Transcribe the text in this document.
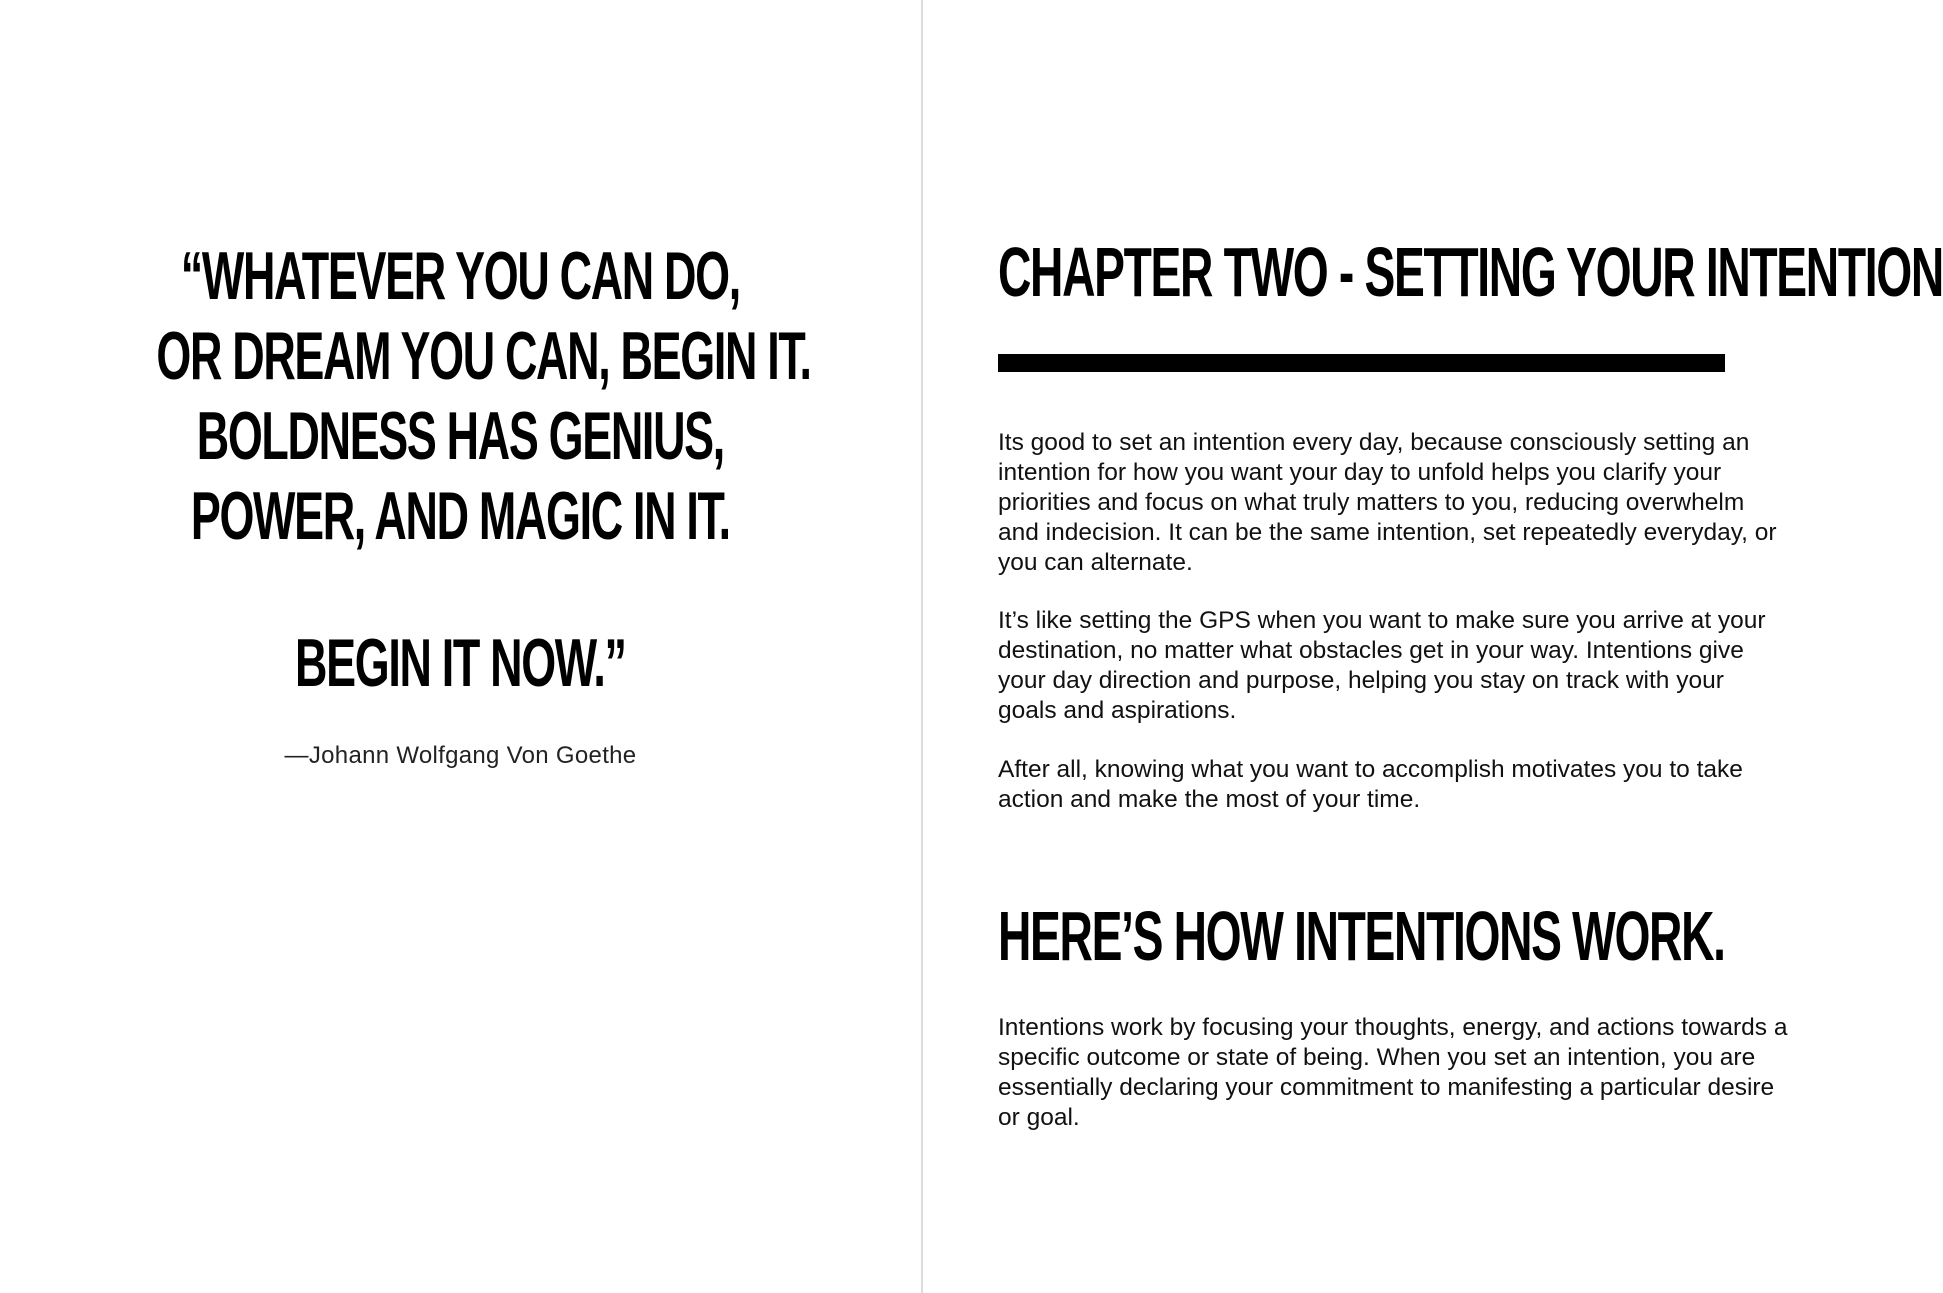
“WHATEVER YOU CAN DO,
OR DREAM YOU CAN, BEGIN IT.
BOLDNESS HAS GENIUS,
POWER, AND MAGIC IN IT.
BEGIN IT NOW.”
—Johann Wolfgang Von Goethe
CHAPTER TWO - SETTING YOUR INTENTION

Its good to set an intention every day, because consciously setting an intention for how you want your day to unfold helps you clarify your priorities and focus on what truly matters to you, reducing overwhelm and indecision. It can be the same intention, set repeatedly everyday, or you can alternate.

It’s like setting the GPS when you want to make sure you arrive at your destination, no matter what obstacles get in your way. Intentions give your day direction and purpose, helping you stay on track with your goals and aspirations.

After all, knowing what you want to accomplish motivates you to take action and make the most of your time.

HERE’S HOW INTENTIONS WORK.

Intentions work by focusing your thoughts, energy, and actions towards a specific outcome or state of being. When you set an intention, you are essentially declaring your commitment to manifesting a particular desire or goal.
